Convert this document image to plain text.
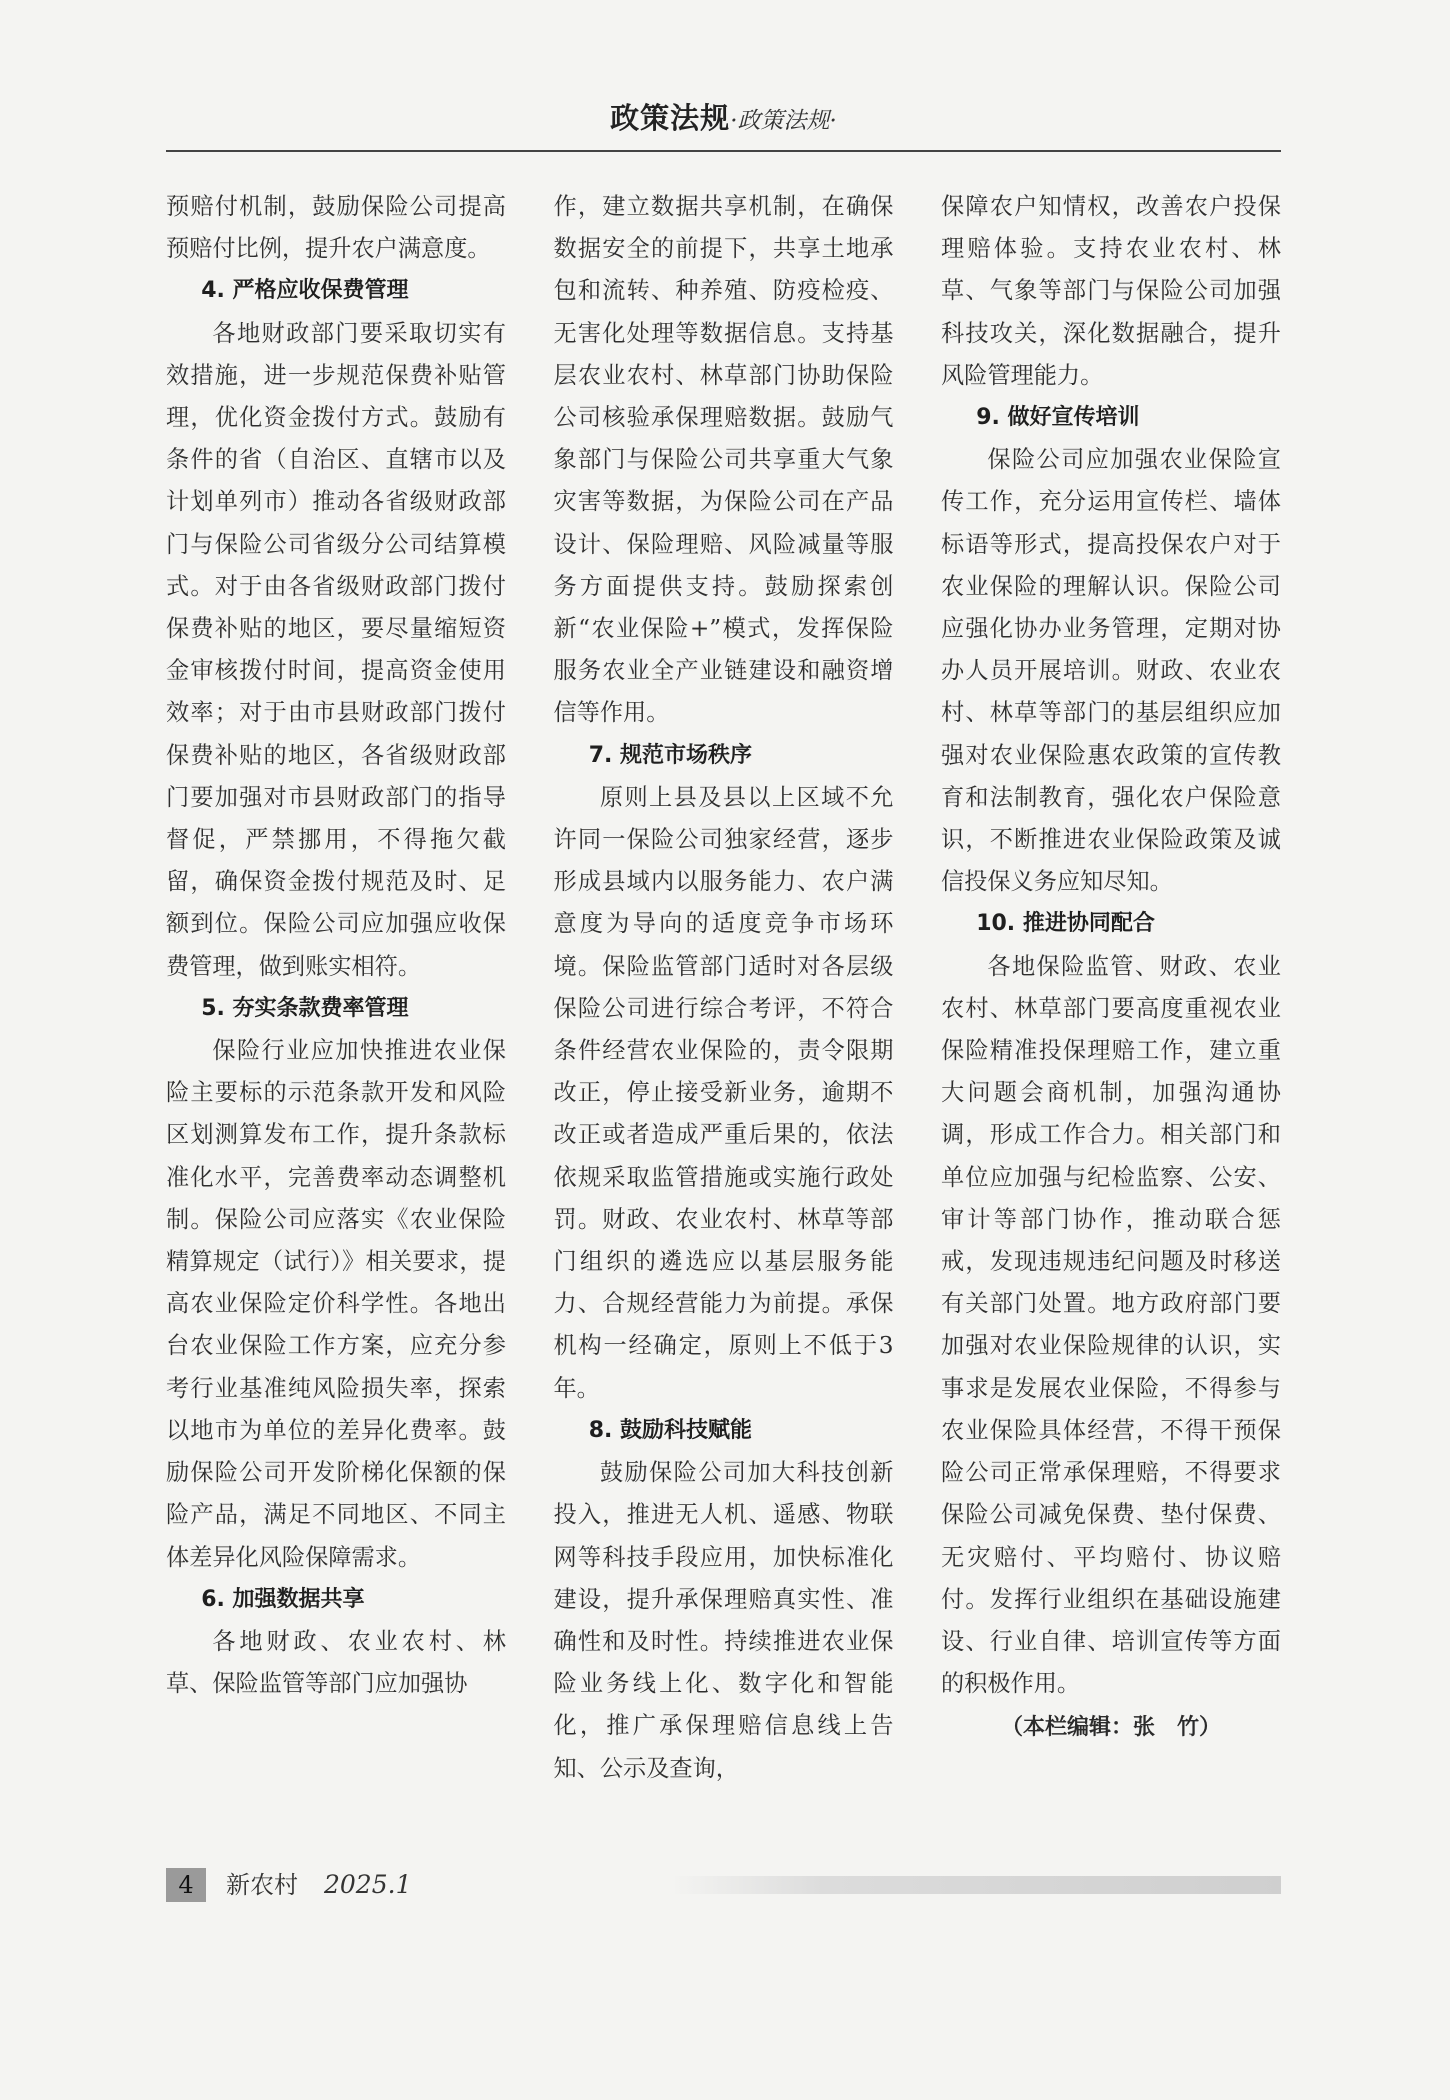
政策法规·政策法规·

预赔付机制，鼓励保险公司提高预赔付比例，提升农户满意度。

4. 严格应收保费管理

各地财政部门要采取切实有效措施，进一步规范保费补贴管理，优化资金拨付方式。鼓励有条件的省（自治区、直辖市以及计划单列市）推动各省级财政部门与保险公司省级分公司结算模式。对于由各省级财政部门拨付保费补贴的地区，要尽量缩短资金审核拨付时间，提高资金使用效率；对于由市县财政部门拨付保费补贴的地区，各省级财政部门要加强对市县财政部门的指导督促，严禁挪用，不得拖欠截留，确保资金拨付规范及时、足额到位。保险公司应加强应收保费管理，做到账实相符。

5. 夯实条款费率管理

保险行业应加快推进农业保险主要标的示范条款开发和风险区划测算发布工作，提升条款标准化水平，完善费率动态调整机制。保险公司应落实《农业保险精算规定（试行）》相关要求，提高农业保险定价科学性。各地出台农业保险工作方案，应充分参考行业基准纯风险损失率，探索以地市为单位的差异化费率。鼓励保险公司开发阶梯化保额的保险产品，满足不同地区、不同主体差异化风险保障需求。

6. 加强数据共享

各地财政、农业农村、林草、保险监管等部门应加强协

作，建立数据共享机制，在确保数据安全的前提下，共享土地承包和流转、种养殖、防疫检疫、无害化处理等数据信息。支持基层农业农村、林草部门协助保险公司核验承保理赔数据。鼓励气象部门与保险公司共享重大气象灾害等数据，为保险公司在产品设计、保险理赔、风险减量等服务方面提供支持。鼓励探索创新“农业保险+”模式，发挥保险服务农业全产业链建设和融资增信等作用。

7. 规范市场秩序

原则上县及县以上区域不允许同一保险公司独家经营，逐步形成县域内以服务能力、农户满意度为导向的适度竞争市场环境。保险监管部门适时对各层级保险公司进行综合考评，不符合条件经营农业保险的，责令限期改正，停止接受新业务，逾期不改正或者造成严重后果的，依法依规采取监管措施或实施行政处罚。财政、农业农村、林草等部门组织的遴选应以基层服务能力、合规经营能力为前提。承保机构一经确定，原则上不低于3年。

8. 鼓励科技赋能

鼓励保险公司加大科技创新投入，推进无人机、遥感、物联网等科技手段应用，加快标准化建设，提升承保理赔真实性、准确性和及时性。持续推进农业保险业务线上化、数字化和智能化，推广承保理赔信息线上告知、公示及查询，

保障农户知情权，改善农户投保理赔体验。支持农业农村、林草、气象等部门与保险公司加强科技攻关，深化数据融合，提升风险管理能力。

9. 做好宣传培训

保险公司应加强农业保险宣传工作，充分运用宣传栏、墙体标语等形式，提高投保农户对于农业保险的理解认识。保险公司应强化协办业务管理，定期对协办人员开展培训。财政、农业农村、林草等部门的基层组织应加强对农业保险惠农政策的宣传教育和法制教育，强化农户保险意识，不断推进农业保险政策及诚信投保义务应知尽知。

10. 推进协同配合

各地保险监管、财政、农业农村、林草部门要高度重视农业保险精准投保理赔工作，建立重大问题会商机制，加强沟通协调，形成工作合力。相关部门和单位应加强与纪检监察、公安、审计等部门协作，推动联合惩戒，发现违规违纪问题及时移送有关部门处置。地方政府部门要加强对农业保险规律的认识，实事求是发展农业保险，不得参与农业保险具体经营，不得干预保险公司正常承保理赔，不得要求保险公司减免保费、垫付保费、无灾赔付、平均赔付、协议赔付。发挥行业组织在基础设施建设、行业自律、培训宣传等方面的积极作用。

（本栏编辑：张　竹）
4	新农村 2025.1
